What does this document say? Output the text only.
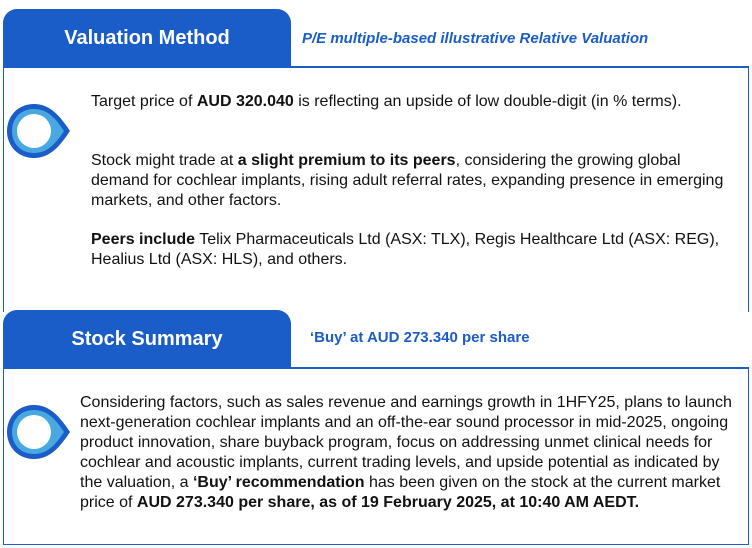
Valuation Method	P/E multiple-based illustrative Relative Valuation
Target price of AUD 320.040 is reflecting an upside of low double-digit (in % terms).
Stock might trade at a slight premium to its peers, considering the growing global demand for cochlear implants, rising adult referral rates, expanding presence in emerging markets, and other factors.
Peers include Telix Pharmaceuticals Ltd (ASX: TLX), Regis Healthcare Ltd (ASX: REG), Healius Ltd (ASX: HLS), and others.
Stock Summary	‘Buy’ at AUD 273.340 per share
Considering factors, such as sales revenue and earnings growth in 1HFY25, plans to launch next-generation cochlear implants and an off-the-ear sound processor in mid-2025, ongoing product innovation, share buyback program, focus on addressing unmet clinical needs for cochlear and acoustic implants, current trading levels, and upside potential as indicated by the valuation, a ‘Buy’ recommendation has been given on the stock at the current market price of AUD 273.340 per share, as of 19 February 2025, at 10:40 AM AEDT.
